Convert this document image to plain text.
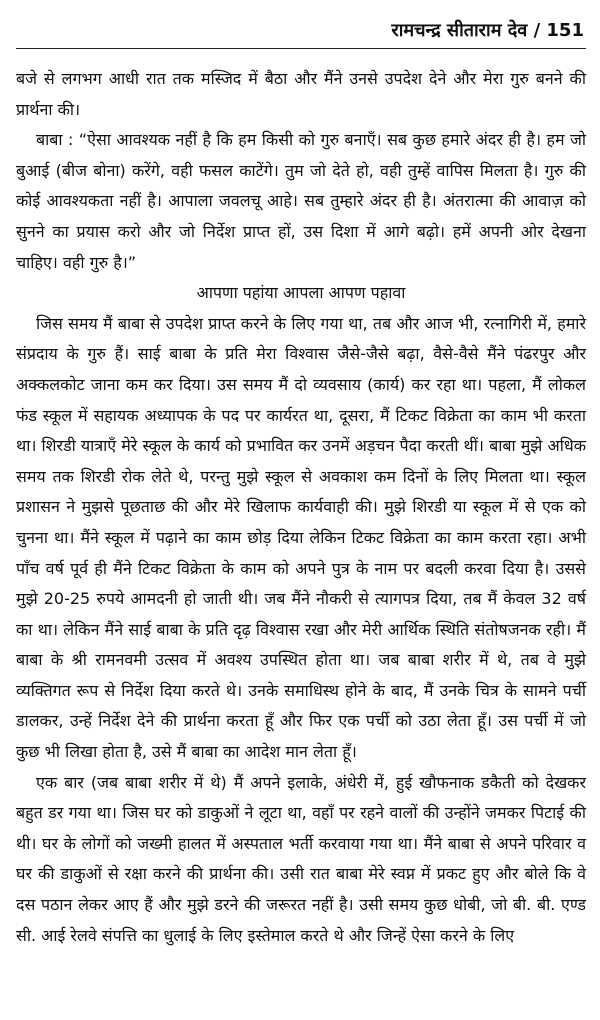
रामचन्द्र सीताराम देव / 151

बजे से लगभग आधी रात तक मस्जिद में बैठा और मैंने उनसे उपदेश देने और मेरा गुरु बनने की प्रार्थना की।

बाबा : “ऐसा आवश्यक नहीं है कि हम किसी को गुरु बनाएँ। सब कुछ हमारे अंदर ही है। हम जो बुआई (बीज बोना) करेंगे, वही फसल काटेंगे। तुम जो देते हो, वही तुम्हें वापिस मिलता है। गुरु की कोई आवश्यकता नहीं है। आपाला जवलचू आहे। सब तुम्हारे अंदर ही है। अंतरात्मा की आवाज़ को सुनने का प्रयास करो और जो निर्देश प्राप्त हों, उस दिशा में आगे बढ़ो। हमें अपनी ओर देखना चाहिए। वही गुरु है।”

आपणा पहांया आपला आपण पहावा

जिस समय मैं बाबा से उपदेश प्राप्त करने के लिए गया था, तब और आज भी, रत्नागिरी में, हमारे संप्रदाय के गुरु हैं। साई बाबा के प्रति मेरा विश्वास जैसे-जैसे बढ़ा, वैसे-वैसे मैंने पंढरपुर और अक्कलकोट जाना कम कर दिया। उस समय मैं दो व्यवसाय (कार्य) कर रहा था। पहला, मैं लोकल फंड स्कूल में सहायक अध्यापक के पद पर कार्यरत था, दूसरा, मैं टिकट विक्रेता का काम भी करता था। शिरडी यात्राएँ मेरे स्कूल के कार्य को प्रभावित कर उनमें अड़चन पैदा करती थीं। बाबा मुझे अधिक समय तक शिरडी रोक लेते थे, परन्तु मुझे स्कूल से अवकाश कम दिनों के लिए मिलता था। स्कूल प्रशासन ने मुझसे पूछताछ की और मेरे खिलाफ कार्यवाही की। मुझे शिरडी या स्कूल में से एक को चुनना था। मैंने स्कूल में पढ़ाने का काम छोड़ दिया लेकिन टिकट विक्रेता का काम करता रहा। अभी पाँच वर्ष पूर्व ही मैंने टिकट विक्रेता के काम को अपने पुत्र के नाम पर बदली करवा दिया है। उससे मुझे 20-25 रुपये आमदनी हो जाती थी। जब मैंने नौकरी से त्यागपत्र दिया, तब मैं केवल 32 वर्ष का था। लेकिन मैंने साई बाबा के प्रति दृढ़ विश्वास रखा और मेरी आर्थिक स्थिति संतोषजनक रही। मैं बाबा के श्री रामनवमी उत्सव में अवश्य उपस्थित होता था। जब बाबा शरीर में थे, तब वे मुझे व्यक्तिगत रूप से निर्देश दिया करते थे। उनके समाधिस्थ होने के बाद, मैं उनके चित्र के सामने पर्ची डालकर, उन्हें निर्देश देने की प्रार्थना करता हूँ और फिर एक पर्ची को उठा लेता हूँ। उस पर्ची में जो कुछ भी लिखा होता है, उसे मैं बाबा का आदेश मान लेता हूँ।

एक बार (जब बाबा शरीर में थे) मैं अपने इलाके, अंधेरी में, हुई खौफनाक डकैती को देखकर बहुत डर गया था। जिस घर को डाकुओं ने लूटा था, वहाँ पर रहने वालों की उन्होंने जमकर पिटाई की थी। घर के लोगों को जख्मी हालत में अस्पताल भर्ती करवाया गया था। मैंने बाबा से अपने परिवार व घर की डाकुओं से रक्षा करने की प्रार्थना की। उसी रात बाबा मेरे स्वप्न में प्रकट हुए और बोले कि वे दस पठान लेकर आए हैं और मुझे डरने की जरूरत नहीं है। उसी समय कुछ धोबी, जो बी. बी. एण्ड सी. आई रेलवे संपत्ति का धुलाई के लिए इस्तेमाल करते थे और जिन्हें ऐसा करने के लिए
